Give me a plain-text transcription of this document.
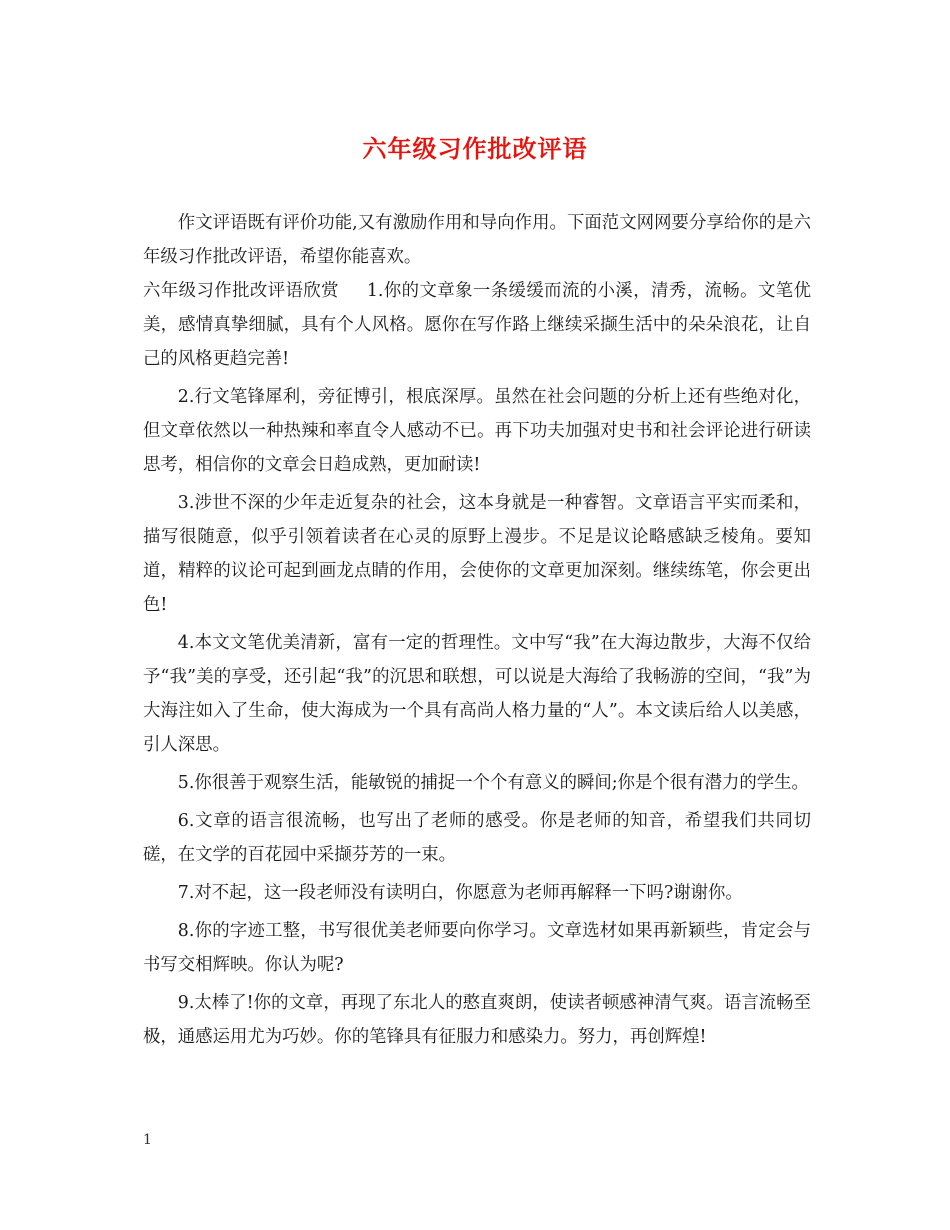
六年级习作批改评语

作文评语既有评价功能,又有激励作用和导向作用。下面范文网网要分享给你的是六年级习作批改评语，希望你能喜欢。

六年级习作批改评语欣赏 1.你的文章象一条缓缓而流的小溪，清秀，流畅。文笔优美，感情真挚细腻，具有个人风格。愿你在写作路上继续采撷生活中的朵朵浪花，让自己的风格更趋完善!

2.行文笔锋犀利，旁征博引，根底深厚。虽然在社会问题的分析上还有些绝对化，但文章依然以一种热辣和率直令人感动不已。再下功夫加强对史书和社会评论进行研读思考，相信你的文章会日趋成熟，更加耐读!

3.涉世不深的少年走近复杂的社会，这本身就是一种睿智。文章语言平实而柔和，描写很随意，似乎引领着读者在心灵的原野上漫步。不足是议论略感缺乏棱角。要知道，精粹的议论可起到画龙点睛的作用，会使你的文章更加深刻。继续练笔，你会更出色!

4.本文文笔优美清新，富有一定的哲理性。文中写“我”在大海边散步，大海不仅给予“我”美的享受，还引起“我”的沉思和联想，可以说是大海给了我畅游的空间，“我”为大海注如入了生命，使大海成为一个具有高尚人格力量的“人”。本文读后给人以美感，引人深思。

5.你很善于观察生活，能敏锐的捕捉一个个有意义的瞬间;你是个很有潜力的学生。

6.文章的语言很流畅，也写出了老师的感受。你是老师的知音，希望我们共同切磋，在文学的百花园中采撷芬芳的一束。

7.对不起，这一段老师没有读明白，你愿意为老师再解释一下吗?谢谢你。

8.你的字迹工整，书写很优美老师要向你学习。文章选材如果再新颖些，肯定会与书写交相辉映。你认为呢?

9.太棒了!你的文章，再现了东北人的憨直爽朗，使读者顿感神清气爽。语言流畅至极，通感运用尤为巧妙。你的笔锋具有征服力和感染力。努力，再创辉煌!

1
